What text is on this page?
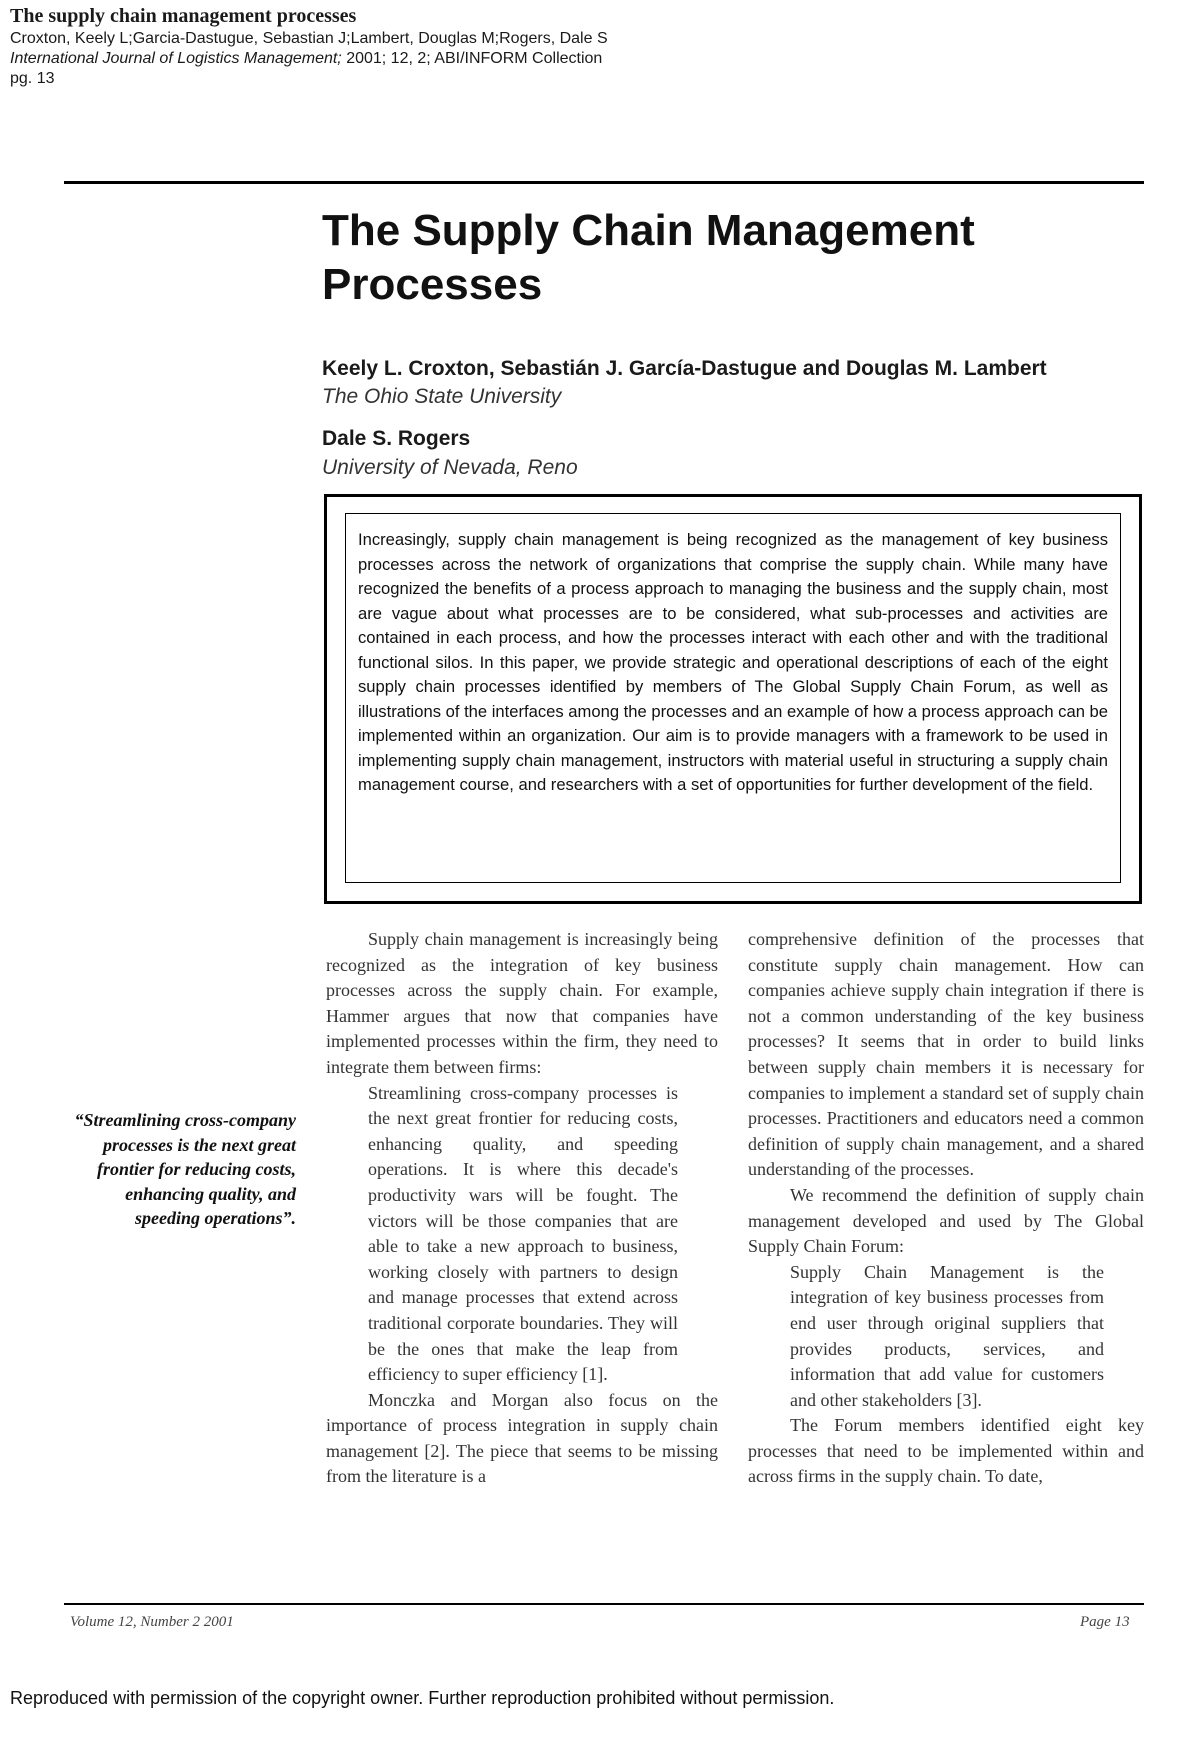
The supply chain management processes
Croxton, Keely L;Garcia-Dastugue, Sebastian J;Lambert, Douglas M;Rogers, Dale S
International Journal of Logistics Management; 2001; 12, 2; ABI/INFORM Collection
pg. 13
The Supply Chain Management Processes
Keely L. Croxton, Sebastián J. García-Dastugue and Douglas M. Lambert
The Ohio State University
Dale S. Rogers
University of Nevada, Reno

Increasingly, supply chain management is being recognized as the management of key business processes across the network of organizations that comprise the supply chain. While many have recognized the benefits of a process approach to managing the business and the supply chain, most are vague about what processes are to be considered, what sub-processes and activities are contained in each process, and how the processes interact with each other and with the traditional functional silos. In this paper, we provide strategic and operational descriptions of each of the eight supply chain processes identified by members of The Global Supply Chain Forum, as well as illustrations of the interfaces among the processes and an example of how a process approach can be implemented within an organization. Our aim is to provide managers with a framework to be used in implementing supply chain management, instructors with material useful in structuring a supply chain management course, and researchers with a set of opportunities for further development of the field.

“Streamlining cross-company processes is the next great frontier for reducing costs, enhancing quality, and speeding operations”.

Supply chain management is increasingly being recognized as the integration of key business processes across the supply chain. For example, Hammer argues that now that companies have implemented processes within the firm, they need to integrate them between firms:

Streamlining cross-company processes is the next great frontier for reducing costs, enhancing quality, and speeding operations. It is where this decade's productivity wars will be fought. The victors will be those companies that are able to take a new approach to business, working closely with partners to design and manage processes that extend across traditional corporate boundaries. They will be the ones that make the leap from efficiency to super efficiency [1].

Monczka and Morgan also focus on the importance of process integration in supply chain management [2]. The piece that seems to be missing from the literature is a

comprehensive definition of the processes that constitute supply chain management. How can companies achieve supply chain integration if there is not a common understanding of the key business processes? It seems that in order to build links between supply chain members it is necessary for companies to implement a standard set of supply chain processes. Practitioners and educators need a common definition of supply chain management, and a shared understanding of the processes.

We recommend the definition of supply chain management developed and used by The Global Supply Chain Forum:

Supply Chain Management is the integration of key business processes from end user through original suppliers that provides products, services, and information that add value for customers and other stakeholders [3].

The Forum members identified eight key processes that need to be implemented within and across firms in the supply chain. To date,

Volume 12, Number 2 2001	Page 13
Reproduced with permission of the copyright owner. Further reproduction prohibited without permission.
